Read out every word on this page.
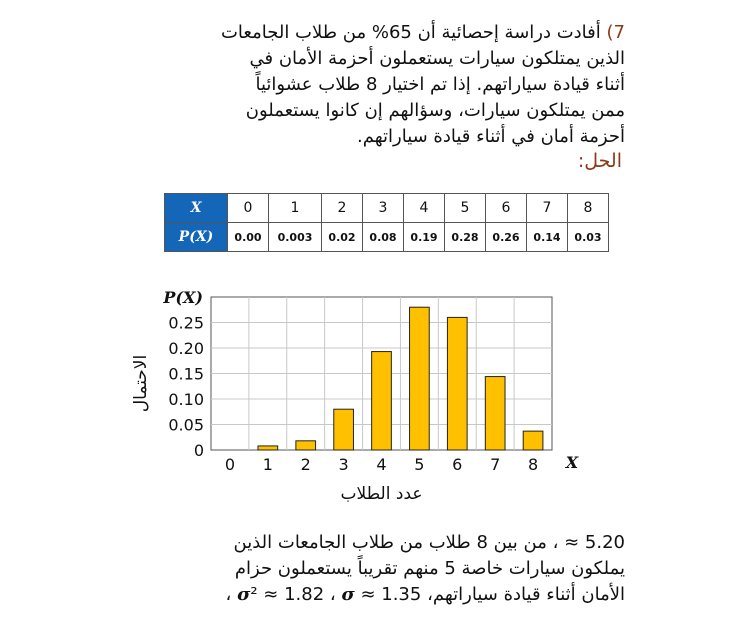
7) أفادت دراسة إحصائية أن 65% من طلاب الجامعات
الذين يمتلكون سيارات يستعملون أحزمة الأمان في
أثناء قيادة سياراتهم. إذا تم اختيار 8 طلاب عشوائياً
ممن يمتلكون سيارات، وسؤالهم إن كانوا يستعملون
أحزمة أمان في أثناء قيادة سياراتهم.
الحل:
X	0	1	2	3	4	5	6	7	8
P(X)	0.00	0.003	0.02	0.08	0.19	0.28	0.26	0.14	0.03
0
0.05
0.10
0.15
0.20
0.25
0 1 2 3 4 5 6 7 8 X
P(X)
عدد الطلاب
الاحتمال
5.20 ≈ ، من بين 8 طلاب من طلاب الجامعات الذين
يملكون سيارات خاصة 5 منهم تقريباً يستعملون حزام
الأمان أثناء قيادة سياراتهم، σ² ≈ 1.82 ، σ ≈ 1.35 ،
